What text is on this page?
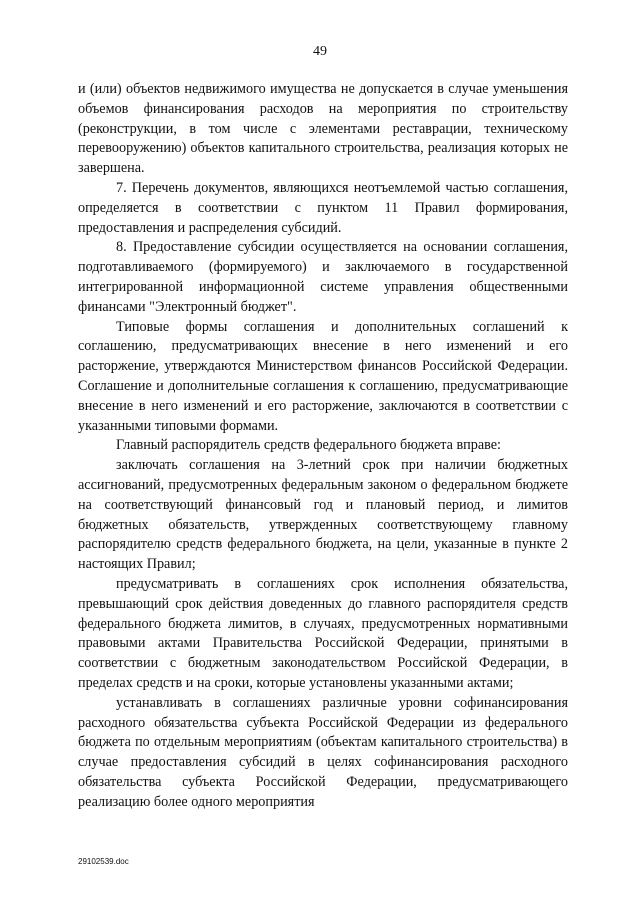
49

и (или) объектов недвижимого имущества не допускается в случае уменьшения объемов финансирования расходов на мероприятия по строительству (реконструкции, в том числе с элементами реставрации, техническому перевооружению) объектов капитального строительства, реализация которых не завершена.

7. Перечень документов, являющихся неотъемлемой частью соглашения, определяется в соответствии с пунктом 11 Правил формирования, предоставления и распределения субсидий.

8. Предоставление субсидии осуществляется на основании соглашения, подготавливаемого (формируемого) и заключаемого в государственной интегрированной информационной системе управления общественными финансами "Электронный бюджет".

Типовые формы соглашения и дополнительных соглашений к соглашению, предусматривающих внесение в него изменений и его расторжение, утверждаются Министерством финансов Российской Федерации. Соглашение и дополнительные соглашения к соглашению, предусматривающие внесение в него изменений и его расторжение, заключаются в соответствии с указанными типовыми формами.

Главный распорядитель средств федерального бюджета вправе:

заключать соглашения на 3-летний срок при наличии бюджетных ассигнований, предусмотренных федеральным законом о федеральном бюджете на соответствующий финансовый год и плановый период, и лимитов бюджетных обязательств, утвержденных соответствующему главному распорядителю средств федерального бюджета, на цели, указанные в пункте 2 настоящих Правил;

предусматривать в соглашениях срок исполнения обязательства, превышающий срок действия доведенных до главного распорядителя средств федерального бюджета лимитов, в случаях, предусмотренных нормативными правовыми актами Правительства Российской Федерации, принятыми в соответствии с бюджетным законодательством Российской Федерации, в пределах средств и на сроки, которые установлены указанными актами;

устанавливать в соглашениях различные уровни софинансирования расходного обязательства субъекта Российской Федерации из федерального бюджета по отдельным мероприятиям (объектам капитального строительства) в случае предоставления субсидий в целях софинансирования расходного обязательства субъекта Российской Федерации, предусматривающего реализацию более одного мероприятия

29102539.doc
